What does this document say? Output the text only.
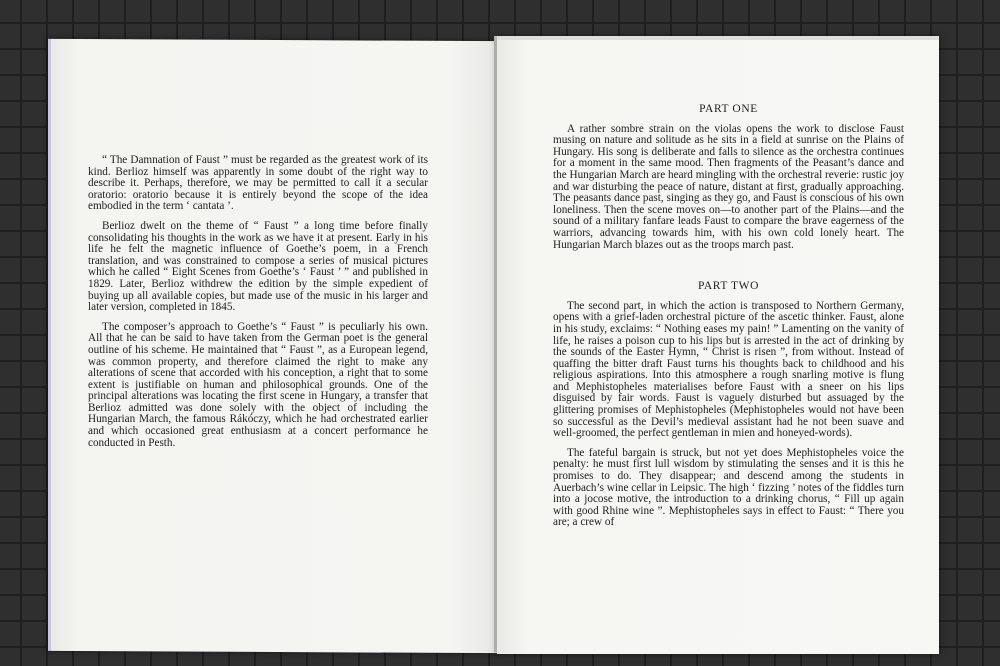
“ The Damnation of Faust ” must be regarded as the greatest work of its kind. Berlioz himself was apparently in some doubt of the right way to describe it. Perhaps, therefore, we may be permitted to call it a secular oratorio: oratorio because it is entirely beyond the scope of the idea embodied in the term ‘ cantata ’.

Berlioz dwelt on the theme of “ Faust ” a long time before finally consolidating his thoughts in the work as we have it at present. Early in his life he felt the magnetic influence of Goethe’s poem, in a French translation, and was constrained to compose a series of musical pictures which he called “ Eight Scenes from Goethe’s ‘ Faust ’ ” and published in 1829. Later, Berlioz withdrew the edition by the simple expedient of buying up all available copies, but made use of the music in his larger and later version, completed in 1845.

The composer’s approach to Goethe’s “ Faust ” is peculiarly his own. All that he can be said to have taken from the German poet is the general outline of his scheme. He maintained that “ Faust ”, as a European legend, was common property, and therefore claimed the right to make any alterations of scene that accorded with his conception, a right that to some extent is justifiable on human and philosophical grounds. One of the principal alterations was locating the first scene in Hungary, a transfer that Berlioz admitted was done solely with the object of including the Hungarian March, the famous Rákóczy, which he had orchestrated earlier and which occasioned great enthusiasm at a concert performance he conducted in Pesth.

PART ONE

A rather sombre strain on the violas opens the work to disclose Faust musing on nature and solitude as he sits in a field at sunrise on the Plains of Hungary. His song is deliberate and falls to silence as the orchestra continues for a moment in the same mood. Then fragments of the Peasant’s dance and the Hungarian March are heard mingling with the orchestral reverie: rustic joy and war disturbing the peace of nature, distant at first, gradually approaching. The peasants dance past, singing as they go, and Faust is conscious of his own loneliness. Then the scene moves on—to another part of the Plains—and the sound of a military fanfare leads Faust to compare the brave eagerness of the warriors, advancing towards him, with his own cold lonely heart. The Hungarian March blazes out as the troops march past.

PART TWO

The second part, in which the action is transposed to Northern Germany, opens with a grief-laden orchestral picture of the ascetic thinker. Faust, alone in his study, exclaims: “ Nothing eases my pain! ” Lamenting on the vanity of life, he raises a poison cup to his lips but is arrested in the act of drinking by the sounds of the Easter Hymn, “ Christ is risen ”, from without. Instead of quaffing the bitter draft Faust turns his thoughts back to childhood and his religious aspirations. Into this atmosphere a rough snarling motive is flung and Mephistopheles materialises before Faust with a sneer on his lips disguised by fair words. Faust is vaguely disturbed but assuaged by the glittering promises of Mephistopheles (Mephistopheles would not have been so successful as the Devil’s medieval assistant had he not been suave and well-groomed, the perfect gentleman in mien and honeyed-words).

The fateful bargain is struck, but not yet does Mephistopheles voice the penalty: he must first lull wisdom by stimulating the senses and it is this he promises to do. They disappear; and descend among the students in Auerbach’s wine cellar in Leipsic. The high ‘ fizzing ’ notes of the fiddles turn into a jocose motive, the introduction to a drinking chorus, “ Fill up again with good Rhine wine ”. Mephistopheles says in effect to Faust: “ There you are; a crew of
